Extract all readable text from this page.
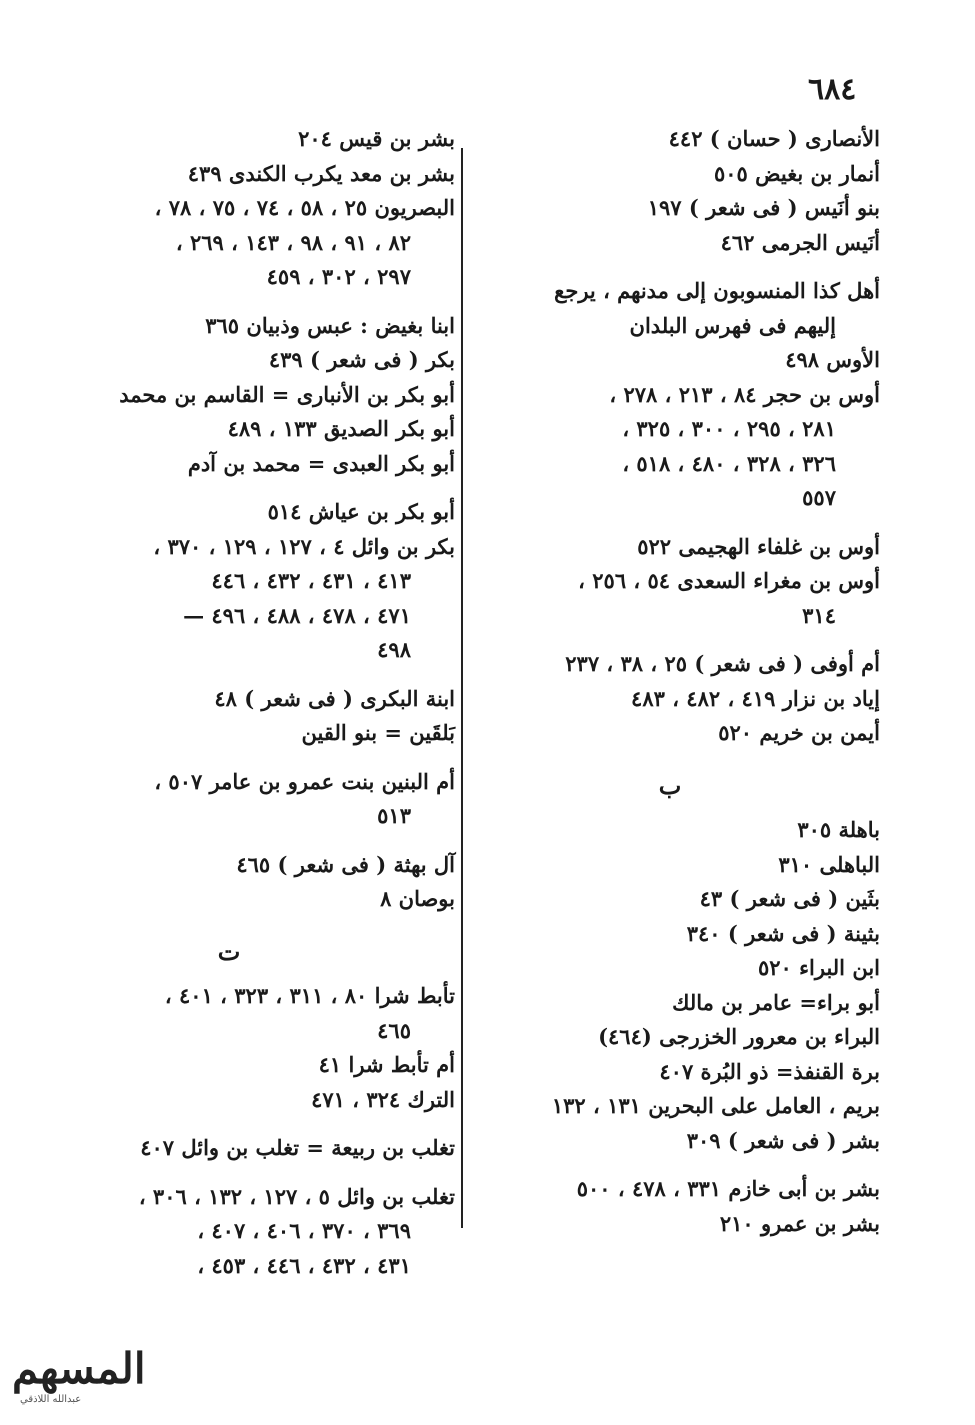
٦٨٤
الأنصارى ( حسان ) ٤٤٢
أنمار بن بغيض ٥٠٥
بنو أنَيس ( فى شعر ) ١٩٧
أنَيس الجرمى ٤٦٢
أهل كذا المنسوبون إلى مدنهم ، يرجع
إليهم فى فهرس البلدان
الأوس ٤٩٨
أوس بن حجر ٨٤ ، ٢١٣ ، ٢٧٨ ،
٢٨١ ، ٢٩٥ ، ٣٠٠ ، ٣٢٥ ،
٣٢٦ ، ٣٢٨ ، ٤٨٠ ، ٥١٨ ،
٥٥٧
أوس بن غلفاء الهجيمى ٥٢٢
أوس بن مغراء السعدى ٥٤ ، ٢٥٦ ،
٣١٤
أم أوفى ( فى شعر ) ٢٥ ، ٣٨ ، ٢٣٧
إياد بن نزار ٤١٩ ، ٤٨٢ ، ٤٨٣
أيمن بن خريم ٥٢٠
ب
باهلة ٣٠٥
الباهلى ٣١٠
بثَين ( فى شعر ) ٤٣
بثينة ( فى شعر ) ٣٤٠
ابن البراء ٥٢٠
أبو براء= عامر بن مالك
البراء بن معرور الخزرجى (٤٦٤)
برة القنفذ= ذو البُرة ٤٠٧
بريم ، العامل على البحرين ١٣١ ، ١٣٢
بشر ( فى شعر ) ٣٠٩
بشر بن أبى خازم ٣٣١ ، ٤٧٨ ، ٥٠٠
بشر بن عمرو ٢١٠
بشر بن قيس ٢٠٤
بشر بن معد يكرب الكندى ٤٣٩
البصريون ٢٥ ، ٥٨ ، ٧٤ ، ٧٥ ، ٧٨ ،
٨٢ ، ٩١ ، ٩٨ ، ١٤٣ ، ٢٦٩ ،
٢٩٧ ، ٣٠٢ ، ٤٥٩
ابنا بغيض : عبس وذبيان ٣٦٥
بكر ( فى شعر ) ٤٣٩
أبو بكر بن الأنبارى = القاسم بن محمد
أبو بكر الصديق ١٣٣ ، ٤٨٩
أبو بكر العبدى = محمد بن آدم
أبو بكر بن عياش ٥١٤
بكر بن وائل ٤ ، ١٢٧ ، ١٢٩ ، ٣٧٠ ،
٤١٣ ، ٤٣١ ، ٤٣٢ ، ٤٤٦
٤٧١ ، ٤٧٨ ، ٤٨٨ ، ٤٩٦ —
٤٩٨
ابنة البكرى ( فى شعر ) ٤٨
بَلقَين = بنو القين
أم البنين بنت عمرو بن عامر ٥٠٧ ،
٥١٣
آل بهثة ( فى شعر ) ٤٦٥
بوصان ٨
ت
تأبط شرا ٨٠ ، ٣١١ ، ٣٢٣ ، ٤٠١ ،
٤٦٥
أم تأبط شرا ٤١
الترك ٣٢٤ ، ٤٧١
تغلب بن ربيعة = تغلب بن وائل ٤٠٧
تغلب بن وائل ٥ ، ١٢٧ ، ١٣٢ ، ٣٠٦ ،
٣٦٩ ، ٣٧٠ ، ٤٠٦ ، ٤٠٧ ،
٤٣١ ، ٤٣٢ ، ٤٤٦ ، ٤٥٣ ،
المسهم
عبدالله اللاذقي
